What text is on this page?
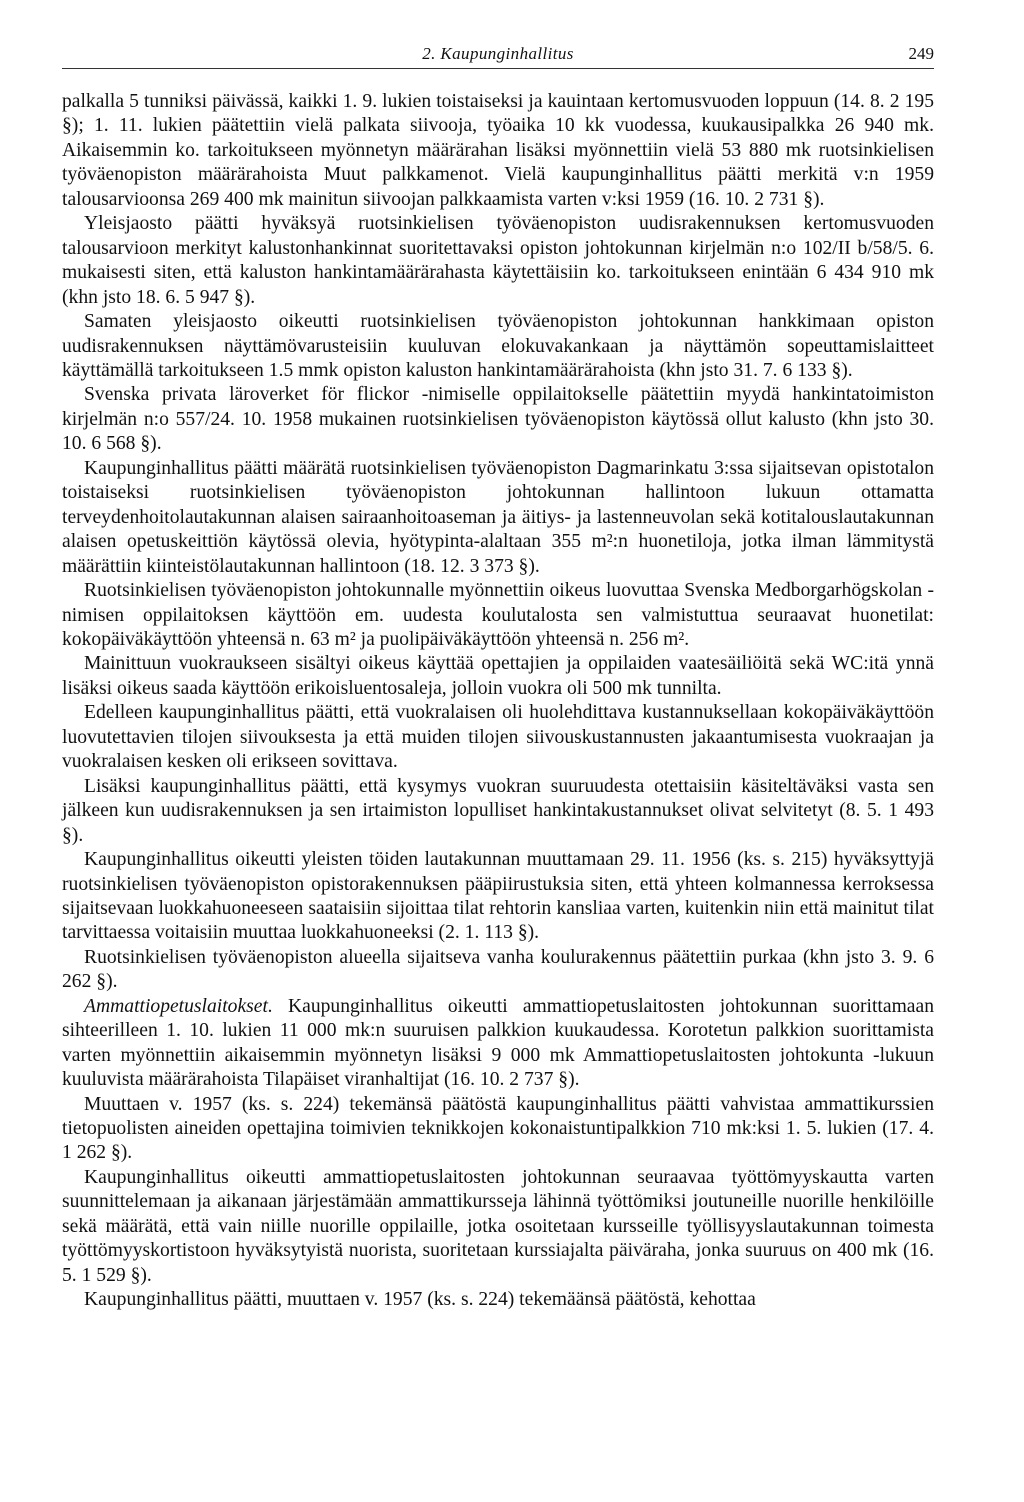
2. Kaupunginhallitus	249

palkalla 5 tunniksi päivässä, kaikki 1. 9. lukien toistaiseksi ja kauintaan kertomusvuoden loppuun (14. 8. 2 195 §); 1. 11. lukien päätettiin vielä palkata siivooja, työaika 10 kk vuodessa, kuukausipalkka 26 940 mk. Aikaisemmin ko. tarkoitukseen myönnetyn määrärahan lisäksi myönnettiin vielä 53 880 mk ruotsinkielisen työväenopiston määrärahoista Muut palkkamenot. Vielä kaupunginhallitus päätti merkitä v:n 1959 talousarvioonsa 269 400 mk mainitun siivoojan palkkaamista varten v:ksi 1959 (16. 10. 2 731 §).

Yleisjaosto päätti hyväksyä ruotsinkielisen työväenopiston uudisrakennuksen kertomusvuoden talousarvioon merkityt kalustonhankinnat suoritettavaksi opiston johtokunnan kirjelmän n:o 102/II b/58/5. 6. mukaisesti siten, että kaluston hankintamäärärahasta käytettäisiin ko. tarkoitukseen enintään 6 434 910 mk (khn jsto 18. 6. 5 947 §).

Samaten yleisjaosto oikeutti ruotsinkielisen työväenopiston johtokunnan hankkimaan opiston uudisrakennuksen näyttämövarusteisiin kuuluvan elokuvakankaan ja näyttämön sopeuttamislaitteet käyttämällä tarkoitukseen 1.5 mmk opiston kaluston hankintamäärärahoista (khn jsto 31. 7. 6 133 §).

Svenska privata läroverket för flickor -nimiselle oppilaitokselle päätettiin myydä hankintatoimiston kirjelmän n:o 557/24. 10. 1958 mukainen ruotsinkielisen työväenopiston käytössä ollut kalusto (khn jsto 30. 10. 6 568 §).

Kaupunginhallitus päätti määrätä ruotsinkielisen työväenopiston Dagmarinkatu 3:ssa sijaitsevan opistotalon toistaiseksi ruotsinkielisen työväenopiston johtokunnan hallintoon lukuun ottamatta terveydenhoitolautakunnan alaisen sairaanhoitoaseman ja äitiys- ja lastenneuvolan sekä kotitalouslautakunnan alaisen opetuskeittiön käytössä olevia, hyötypinta-alaltaan 355 m²:n huonetiloja, jotka ilman lämmitystä määrättiin kiinteistölautakunnan hallintoon (18. 12. 3 373 §).

Ruotsinkielisen työväenopiston johtokunnalle myönnettiin oikeus luovuttaa Svenska Medborgarhögskolan -nimisen oppilaitoksen käyttöön em. uudesta koulutalosta sen valmistuttua seuraavat huonetilat: kokopäiväkäyttöön yhteensä n. 63 m² ja puolipäiväkäyttöön yhteensä n. 256 m².

Mainittuun vuokraukseen sisältyi oikeus käyttää opettajien ja oppilaiden vaatesäiliöitä sekä WC:itä ynnä lisäksi oikeus saada käyttöön erikoisluentosaleja, jolloin vuokra oli 500 mk tunnilta.

Edelleen kaupunginhallitus päätti, että vuokralaisen oli huolehdittava kustannuksellaan kokopäiväkäyttöön luovutettavien tilojen siivouksesta ja että muiden tilojen siivouskustannusten jakaantumisesta vuokraajan ja vuokralaisen kesken oli erikseen sovittava.

Lisäksi kaupunginhallitus päätti, että kysymys vuokran suuruudesta otettaisiin käsiteltäväksi vasta sen jälkeen kun uudisrakennuksen ja sen irtaimiston lopulliset hankintakustannukset olivat selvitetyt (8. 5. 1 493 §).

Kaupunginhallitus oikeutti yleisten töiden lautakunnan muuttamaan 29. 11. 1956 (ks. s. 215) hyväksyttyjä ruotsinkielisen työväenopiston opistorakennuksen pääpiirustuksia siten, että yhteen kolmannessa kerroksessa sijaitsevaan luokkahuoneeseen saataisiin sijoittaa tilat rehtorin kansliaa varten, kuitenkin niin että mainitut tilat tarvittaessa voitaisiin muuttaa luokkahuoneeksi (2. 1. 113 §).

Ruotsinkielisen työväenopiston alueella sijaitseva vanha koulurakennus päätettiin purkaa (khn jsto 3. 9. 6 262 §).

Ammattiopetuslaitokset. Kaupunginhallitus oikeutti ammattiopetuslaitosten johtokunnan suorittamaan sihteerilleen 1. 10. lukien 11 000 mk:n suuruisen palkkion kuukaudessa. Korotetun palkkion suorittamista varten myönnettiin aikaisemmin myönnetyn lisäksi 9 000 mk Ammattiopetuslaitosten johtokunta -lukuun kuuluvista määrärahoista Tilapäiset viranhaltijat (16. 10. 2 737 §).

Muuttaen v. 1957 (ks. s. 224) tekemänsä päätöstä kaupunginhallitus päätti vahvistaa ammattikurssien tietopuolisten aineiden opettajina toimivien teknikkojen kokonaistuntipalkkion 710 mk:ksi 1. 5. lukien (17. 4. 1 262 §).

Kaupunginhallitus oikeutti ammattiopetuslaitosten johtokunnan seuraavaa työttömyyskautta varten suunnittelemaan ja aikanaan järjestämään ammattikursseja lähinnä työttömiksi joutuneille nuorille henkilöille sekä määrätä, että vain niille nuorille oppilaille, jotka osoitetaan kursseille työllisyyslautakunnan toimesta työttömyyskortistoon hyväksytyistä nuorista, suoritetaan kurssiajalta päiväraha, jonka suuruus on 400 mk (16. 5. 1 529 §).

Kaupunginhallitus päätti, muuttaen v. 1957 (ks. s. 224) tekemäänsä päätöstä, kehottaa
